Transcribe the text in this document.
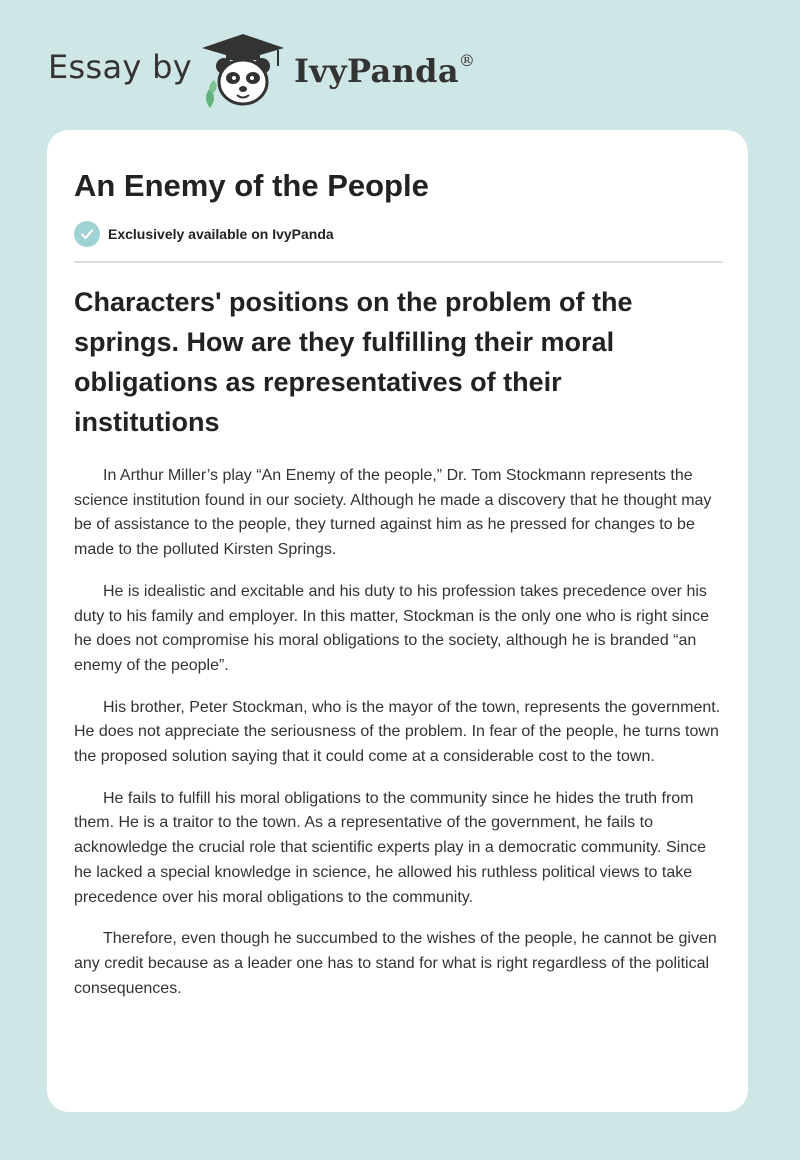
Essay by	IvyPanda®
An Enemy of the People
Exclusively available on IvyPanda
Characters' positions on the problem of the springs. How are they fulfilling their moral obligations as representatives of their institutions

In Arthur Miller’s play “An Enemy of the people,” Dr. Tom Stockmann represents the science institution found in our society. Although he made a discovery that he thought may be of assistance to the people, they turned against him as he pressed for changes to be made to the polluted Kirsten Springs.

He is idealistic and excitable and his duty to his profession takes precedence over his duty to his family and employer. In this matter, Stockman is the only one who is right since he does not compromise his moral obligations to the society, although he is branded “an enemy of the people”.

His brother, Peter Stockman, who is the mayor of the town, represents the government. He does not appreciate the seriousness of the problem. In fear of the people, he turns town the proposed solution saying that it could come at a considerable cost to the town.

He fails to fulfill his moral obligations to the community since he hides the truth from them. He is a traitor to the town. As a representative of the government, he fails to acknowledge the crucial role that scientific experts play in a democratic community. Since he lacked a special knowledge in science, he allowed his ruthless political views to take precedence over his moral obligations to the community.

Therefore, even though he succumbed to the wishes of the people, he cannot be given any credit because as a leader one has to stand for what is right regardless of the political consequences.
